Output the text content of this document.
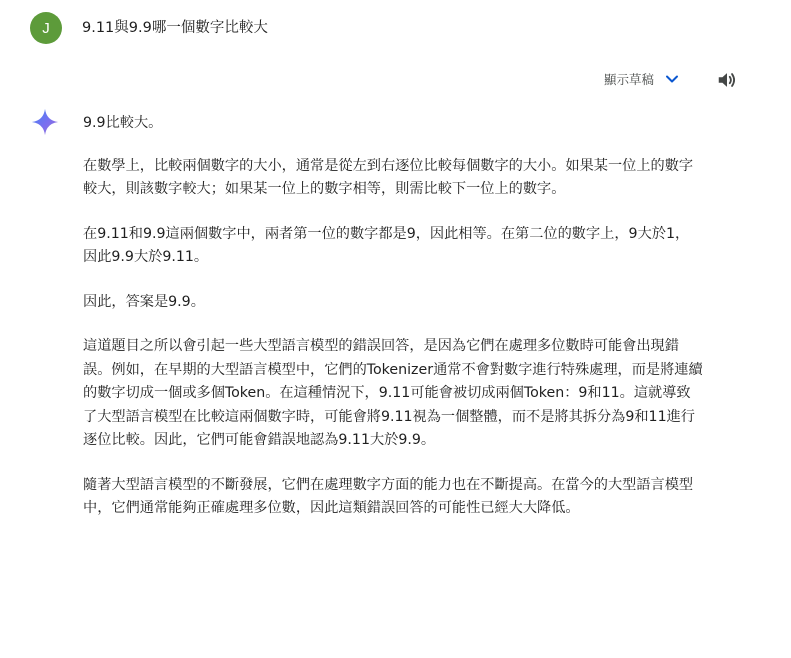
J	9.11與9.9哪一個數字比較大
顯示草稿

9.9比較大。

在數學上，比較兩個數字的大小，通常是從左到右逐位比較每個數字的大小。如果某一位上的數字較大，則該數字較大；如果某一位上的數字相等，則需比較下一位上的數字。

在9.11和9.9這兩個數字中，兩者第一位的數字都是9，因此相等。在第二位的數字上，9大於1，因此9.9大於9.11。

因此，答案是9.9。

這道題目之所以會引起一些大型語言模型的錯誤回答，是因為它們在處理多位數時可能會出現錯誤。例如，在早期的大型語言模型中，它們的Tokenizer通常不會對數字進行特殊處理，而是將連續的數字切成一個或多個Token。在這種情況下，9.11可能會被切成兩個Token：9和11。這就導致了大型語言模型在比較這兩個數字時，可能會將9.11視為一個整體，而不是將其拆分為9和11進行逐位比較。因此，它們可能會錯誤地認為9.11大於9.9。

隨著大型語言模型的不斷發展，它們在處理數字方面的能力也在不斷提高。在當今的大型語言模型中，它們通常能夠正確處理多位數，因此這類錯誤回答的可能性已經大大降低。
